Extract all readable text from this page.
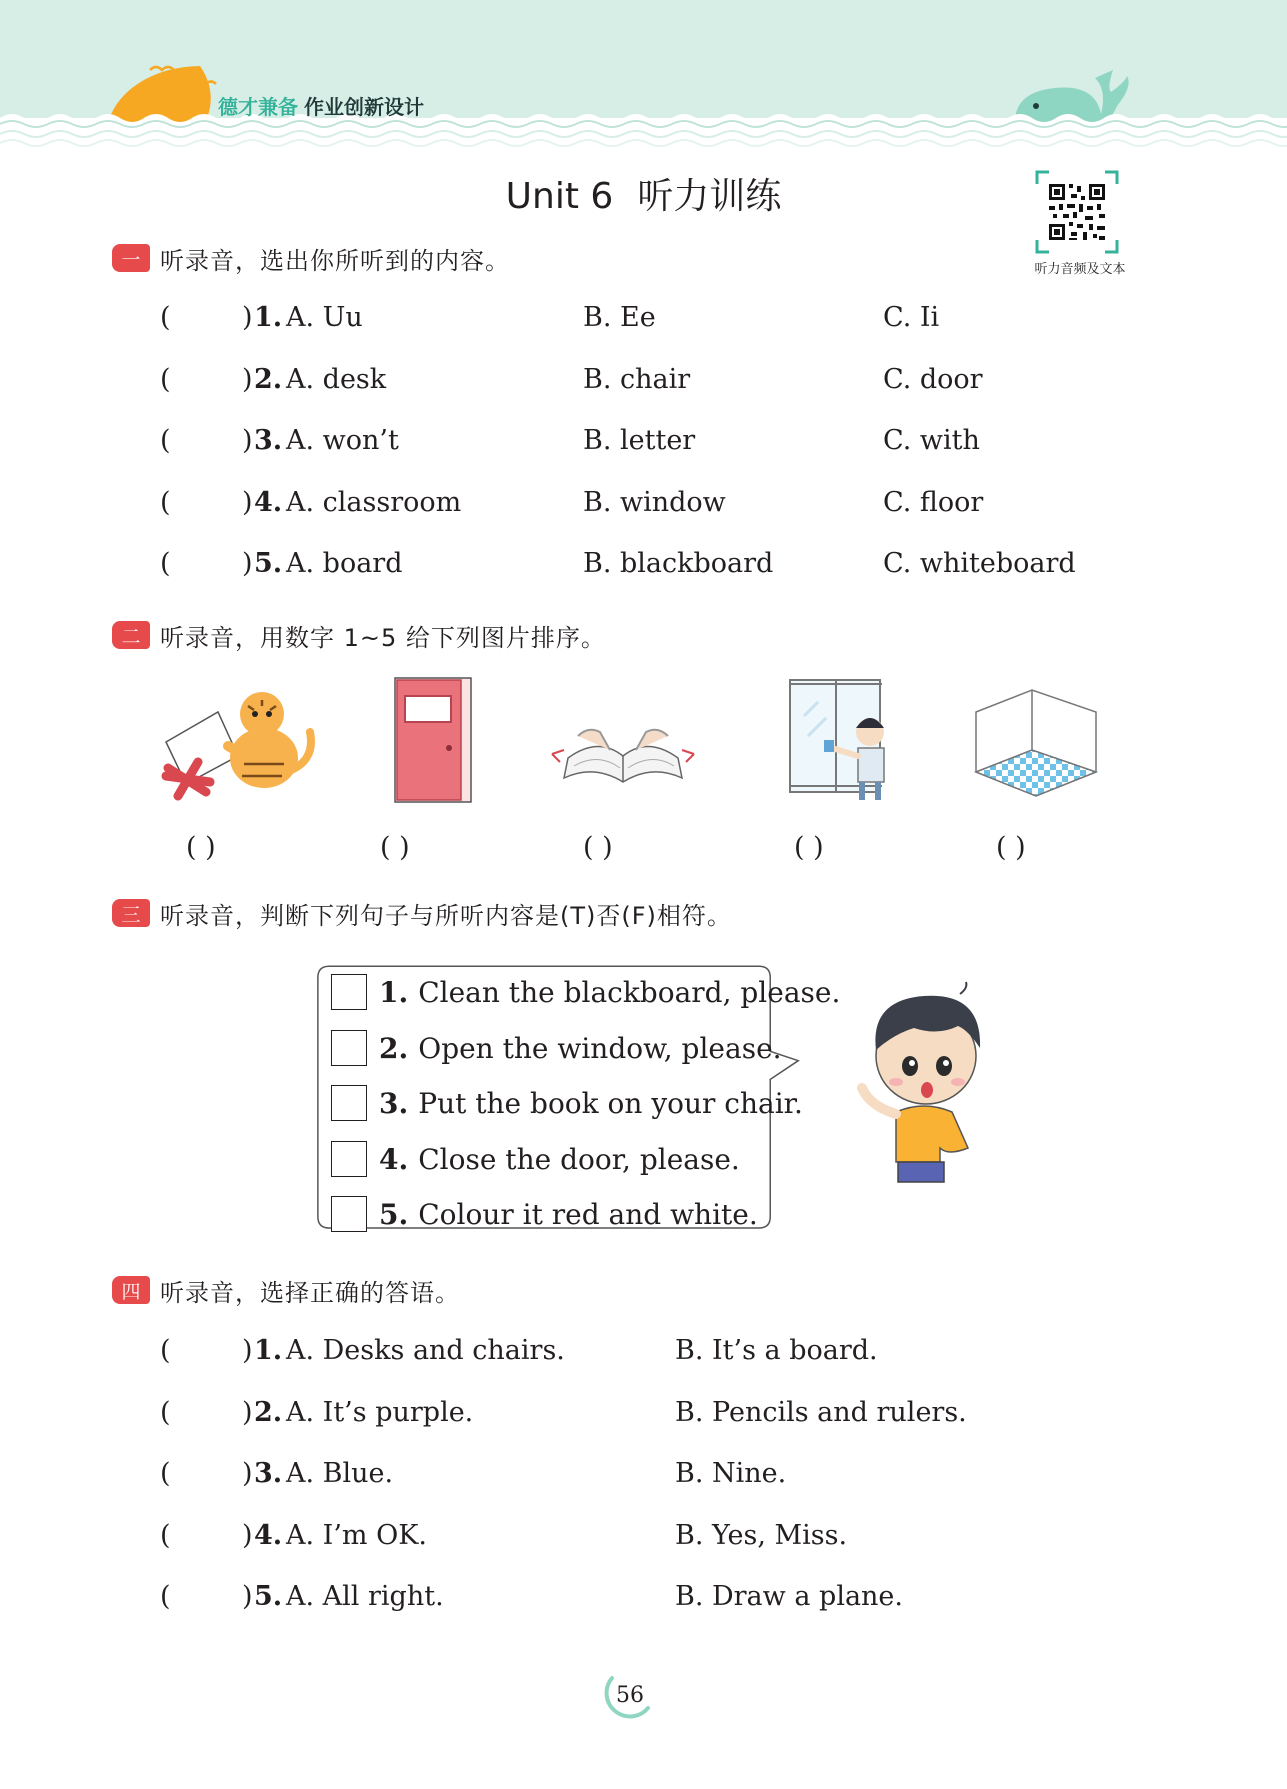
德才兼备 作业创新设计
Unit 6 听力训练
听力音频及文本
一 听录音，选出你所听到的内容。
(	) 1. A. Uu	B. Ee	C. Ii
(	) 2. A. desk	B. chair	C. door
(	) 3. A. won’t	B. letter	C. with
(	) 4. A. classroom	B. window	C. floor
(	) 5. A. board	B. blackboard	C. whiteboard
二 听录音，用数字 1~5 给下列图片排序。
( )	( )	( )	( )	( )
三 听录音，判断下列句子与所听内容是(T)否(F)相符。
1. Clean the blackboard, please.
2. Open the window, please.
3. Put the book on your chair.
4. Close the door, please.
5. Colour it red and white.
四 听录音，选择正确的答语。
(	) 1. A. Desks and chairs.	B. It’s a board.
(	) 2. A. It’s purple.	B. Pencils and rulers.
(	) 3. A. Blue.	B. Nine.
(	) 4. A. I’m OK.	B. Yes, Miss.
(	) 5. A. All right.	B. Draw a plane.
56
